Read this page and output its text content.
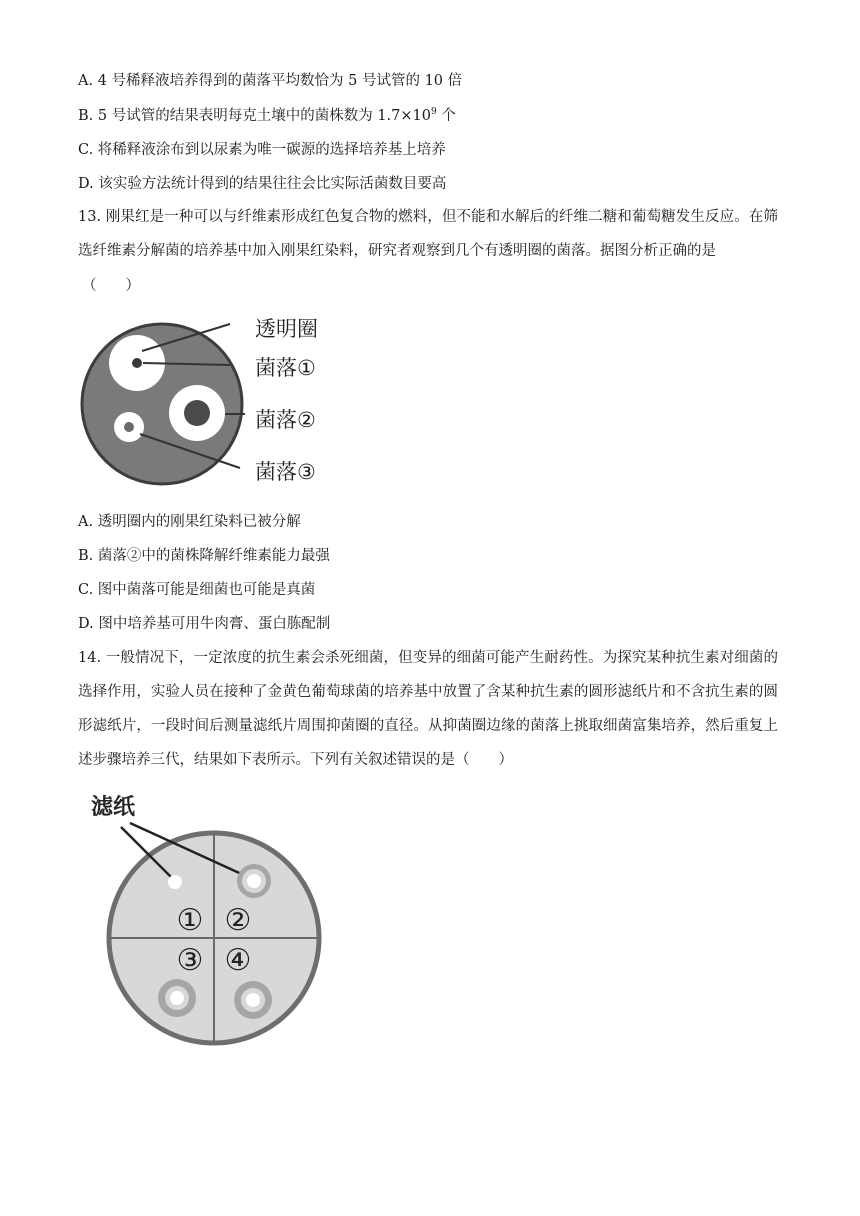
A. 4 号稀释液培养得到的菌落平均数恰为 5 号试管的 10 倍
B. 5 号试管的结果表明每克土壤中的菌株数为 $1.7\times 10^9$ 个
C. 将稀释液涂布到以尿素为唯一碳源的选择培养基上培养
D. 该实验方法统计得到的结果往往会比实际活菌数目要高
13. 刚果红是一种可以与纤维素形成红色复合物的燃料，但不能和水解后的纤维二糖和葡萄糖发生反应。在筛选纤维素分解菌的培养基中加入刚果红染料，研究者观察到几个有透明圈的菌落。据图分析正确的是
（　　）
透明圈
菌落①
菌落②
菌落③
A. 透明圈内的刚果红染料已被分解
B. 菌落②中的菌株降解纤维素能力最强
C. 图中菌落可能是细菌也可能是真菌
D. 图中培养基可用牛肉膏、蛋白胨配制
14. 一般情况下，一定浓度的抗生素会杀死细菌，但变异的细菌可能产生耐药性。为探究某种抗生素对细菌的选择作用，实验人员在接种了金黄色葡萄球菌的培养基中放置了含某种抗生素的圆形滤纸片和不含抗生素的圆形滤纸片，一段时间后测量滤纸片周围抑菌圈的直径。从抑菌圈边缘的菌落上挑取细菌富集培养，然后重复上述步骤培养三代，结果如下表所示。下列有关叙述错误的是（　　）
滤纸
① ②
③ ④
